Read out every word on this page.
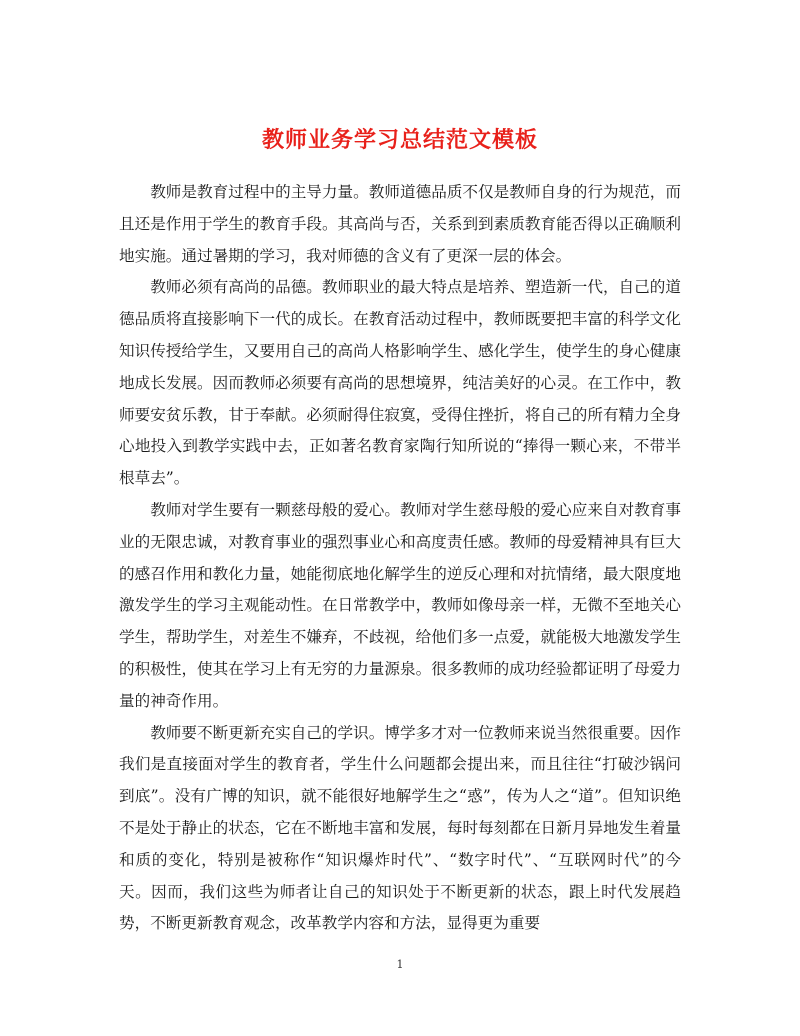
教师业务学习总结范文模板

教师是教育过程中的主导力量。教师道德品质不仅是教师自身的行为规范，而且还是作用于学生的教育手段。其高尚与否，关系到到素质教育能否得以正确顺利地实施。通过暑期的学习，我对师德的含义有了更深一层的体会。

教师必须有高尚的品德。教师职业的最大特点是培养、塑造新一代，自己的道德品质将直接影响下一代的成长。在教育活动过程中，教师既要把丰富的科学文化知识传授给学生，又要用自己的高尚人格影响学生、感化学生，使学生的身心健康地成长发展。因而教师必须要有高尚的思想境界，纯洁美好的心灵。在工作中，教师要安贫乐教，甘于奉献。必须耐得住寂寞，受得住挫折，将自己的所有精力全身心地投入到教学实践中去，正如著名教育家陶行知所说的“捧得一颗心来，不带半根草去”。

教师对学生要有一颗慈母般的爱心。教师对学生慈母般的爱心应来自对教育事业的无限忠诚，对教育事业的强烈事业心和高度责任感。教师的母爱精神具有巨大的感召作用和教化力量，她能彻底地化解学生的逆反心理和对抗情绪，最大限度地激发学生的学习主观能动性。在日常教学中，教师如像母亲一样，无微不至地关心学生，帮助学生，对差生不嫌弃，不歧视，给他们多一点爱，就能极大地激发学生的积极性，使其在学习上有无穷的力量源泉。很多教师的成功经验都证明了母爱力量的神奇作用。

教师要不断更新充实自己的学识。博学多才对一位教师来说当然很重要。因作我们是直接面对学生的教育者，学生什么问题都会提出来，而且往往“打破沙锅问到底”。没有广博的知识，就不能很好地解学生之“惑”，传为人之“道”。但知识绝不是处于静止的状态，它在不断地丰富和发展，每时每刻都在日新月异地发生着量和质的变化，特别是被称作“知识爆炸时代”、“数字时代”、“互联网时代”的今天。因而，我们这些为师者让自己的知识处于不断更新的状态，跟上时代发展趋势，不断更新教育观念，改革教学内容和方法，显得更为重要

1
